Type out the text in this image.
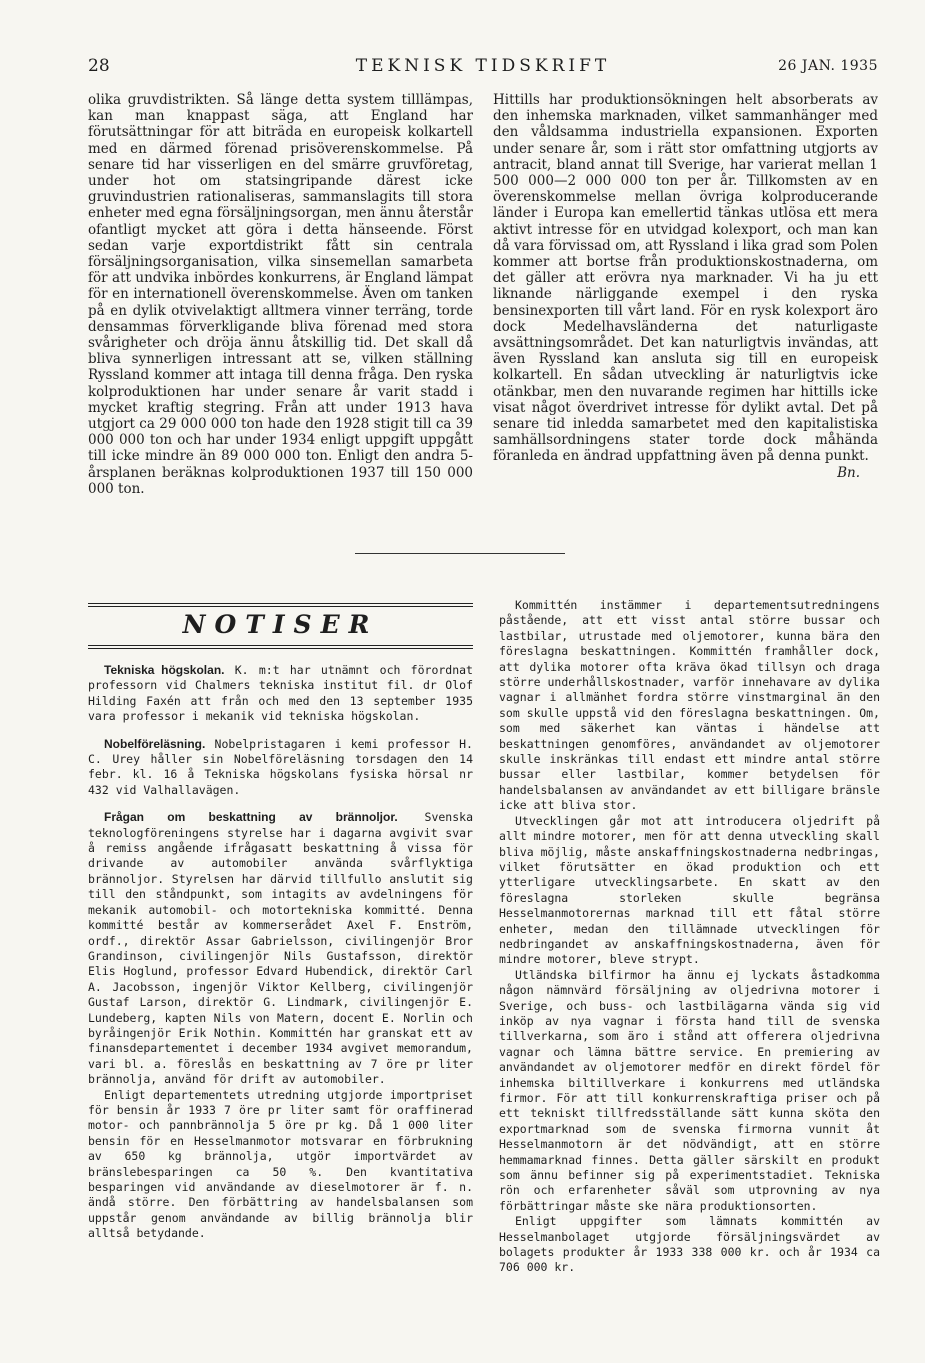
28	TEKNISK TIDSKRIFT	26 JAN. 1935

olika gruvdistrikten. Så länge detta system tilllämpas, kan man knappast säga, att England har förutsättningar för att biträda en europeisk kolkartell med en därmed förenad prisöverenskommelse. På senare tid har visserligen en del smärre gruvföretag, under hot om statsingripande därest icke gruvindustrien rationaliseras, sammanslagits till stora enheter med egna försäljningsorgan, men ännu återstår ofantligt mycket att göra i detta hänseende. Först sedan varje exportdistrikt fått sin centrala försäljningsorganisation, vilka sinsemellan samarbeta för att undvika inbördes konkurrens, är England lämpat för en internationell överenskommelse. Även om tanken på en dylik otvivelaktigt alltmera vinner terräng, torde densammas förverkligande bliva förenad med stora svårigheter och dröja ännu åtskillig tid. Det skall då bliva synnerligen intressant att se, vilken ställning Ryssland kommer att intaga till denna fråga. Den ryska kolproduktionen har under senare år varit stadd i mycket kraftig stegring. Från att under 1913 hava utgjort ca 29 000 000 ton hade den 1928 stigit till ca 39 000 000 ton och har under 1934 enligt uppgift uppgått till icke mindre än 89 000 000 ton. Enligt den andra 5-årsplanen beräknas kolproduktionen 1937 till 150 000 000 ton.

Hittills har produktionsökningen helt absorberats av den inhemska marknaden, vilket sammanhänger med den våldsamma industriella expansionen. Exporten under senare år, som i rätt stor omfattning utgjorts av antracit, bland annat till Sverige, har varierat mellan 1 500 000—2 000 000 ton per år. Tillkomsten av en överenskommelse mellan övriga kolproducerande länder i Europa kan emellertid tänkas utlösa ett mera aktivt intresse för en utvidgad kolexport, och man kan då vara förvissad om, att Ryssland i lika grad som Polen kommer att bortse från produktionskostnaderna, om det gäller att erövra nya marknader. Vi ha ju ett liknande närliggande exempel i den ryska bensinexporten till vårt land. För en rysk kolexport äro dock Medelhavsländerna det naturligaste avsättningsområdet. Det kan naturligtvis invändas, att även Ryssland kan ansluta sig till en europeisk kolkartell. En sådan utveckling är naturligtvis icke otänkbar, men den nuvarande regimen har hittills icke visat något överdrivet intresse för dylikt avtal. Det på senare tid inledda samarbetet med den kapitalistiska samhällsordningens stater torde dock måhända föranleda en ändrad uppfattning även på denna punkt.
Bn.

NOTISER

Tekniska högskolan. K. m:t har utnämnt och förordnat professorn vid Chalmers tekniska institut fil. dr Olof Hilding Faxén att från och med den 13 september 1935 vara professor i mekanik vid tekniska högskolan.

Nobelföreläsning. Nobelpristagaren i kemi professor H. C. Urey håller sin Nobelföreläsning torsdagen den 14 febr. kl. 16 å Tekniska högskolans fysiska hörsal nr 432 vid Valhallavägen.

Frågan om beskattning av brännoljor. Svenska teknologföreningens styrelse har i dagarna avgivit svar å remiss angående ifrågasatt beskattning å vissa för drivande av automobiler använda svårflyktiga brännoljor. Styrelsen har därvid tillfullo anslutit sig till den ståndpunkt, som intagits av avdelningens för mekanik automobil- och motortekniska kommitté. Denna kommitté består av kommerserådet Axel F. Enström, ordf., direktör Assar Gabrielsson, civilingenjör Bror Grandinson, civilingenjör Nils Gustafsson, direktör Elis Hoglund, professor Edvard Hubendick, direktör Carl A. Jacobsson, ingenjör Viktor Kellberg, civilingenjör Gustaf Larson, direktör G. Lindmark, civilingenjör E. Lundeberg, kapten Nils von Matern, docent E. Norlin och byråingenjör Erik Nothin. Kommittén har granskat ett av finansdepartementet i december 1934 avgivet memorandum, vari bl. a. föreslås en beskattning av 7 öre pr liter brännolja, använd för drift av automobiler.

Enligt departementets utredning utgjorde importpriset för bensin år 1933 7 öre pr liter samt för oraffinerad motor- och pannbrännolja 5 öre pr kg. Då 1 000 liter bensin för en Hesselmanmotor motsvarar en förbrukning av 650 kg brännolja, utgör importvärdet av bränslebesparingen ca 50 %. Den kvantitativa besparingen vid användande av dieselmotorer är f. n. ändå större. Den förbättring av handelsbalansen som uppstår genom användande av billig brännolja blir alltså betydande.

Kommittén instämmer i departementsutredningens påstående, att ett visst antal större bussar och lastbilar, utrustade med oljemotorer, kunna bära den föreslagna beskattningen. Kommittén framhåller dock, att dylika motorer ofta kräva ökad tillsyn och draga större underhållskostnader, varför innehavare av dylika vagnar i allmänhet fordra större vinstmarginal än den som skulle uppstå vid den föreslagna beskattningen. Om, som med säkerhet kan väntas i händelse att beskattningen genomföres, användandet av oljemotorer skulle inskränkas till endast ett mindre antal större bussar eller lastbilar, kommer betydelsen för handelsbalansen av användandet av ett billigare bränsle icke att bliva stor.

Utvecklingen går mot att introducera oljedrift på allt mindre motorer, men för att denna utveckling skall bliva möjlig, måste anskaffningskostnaderna nedbringas, vilket förutsätter en ökad produktion och ett ytterligare utvecklingsarbete. En skatt av den föreslagna storleken skulle begränsa Hesselmanmotorernas marknad till ett fåtal större enheter, medan den tillämnade utvecklingen för nedbringandet av anskaffningskostnaderna, även för mindre motorer, bleve strypt.

Utländska bilfirmor ha ännu ej lyckats åstadkomma någon nämnvärd försäljning av oljedrivna motorer i Sverige, och buss- och lastbilägarna vända sig vid inköp av nya vagnar i första hand till de svenska tillverkarna, som äro i stånd att offerera oljedrivna vagnar och lämna bättre service. En premiering av användandet av oljemotorer medför en direkt fördel för inhemska biltillverkare i konkurrens med utländska firmor. För att till konkurrenskraftiga priser och på ett tekniskt tillfredsställande sätt kunna sköta den exportmarknad som de svenska firmorna vunnit åt Hesselmanmotorn är det nödvändigt, att en större hemmamarknad finnes. Detta gäller särskilt en produkt som ännu befinner sig på experimentstadiet. Tekniska rön och erfarenheter såväl som utprovning av nya förbättringar måste ske nära produktionsorten.

Enligt uppgifter som lämnats kommittén av Hesselmanbolaget utgjorde försäljningsvärdet av bolagets produkter år 1933 338 000 kr. och år 1934 ca 706 000 kr.
